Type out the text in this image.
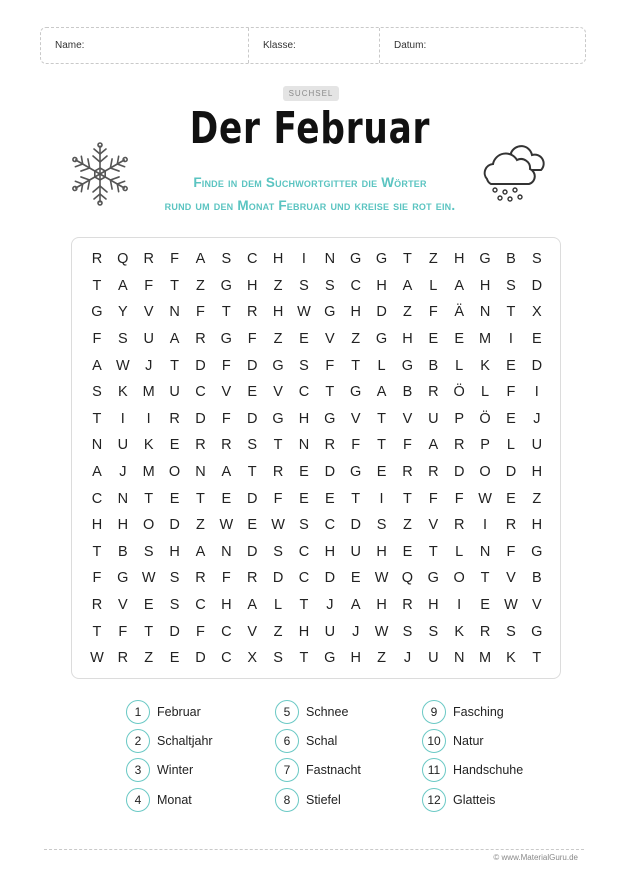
Name:	Klasse:	Datum:
SUCHSEL
Der Februar
Finde in dem Suchwortgitter die Wörter
rund um den Monat Februar und kreise sie rot ein.
R	Q	R	F	A	S	C	H	I	N	G	G	T	Z	H	G	B	S
T	A	F	T	Z	G	H	Z	S	S	C	H	A	L	A	H	S	D
G	Y	V	N	F	T	R	H W G	H	D	Z	F	Ä	N	T	X
F	S	U	A	R	G	F	Z	E	V	Z	G	H	E	E	M	I	E
A W	J	T	D	F	D	G	S	F	T	L	G	B	L	K	E	D
S	K	M	U	C	V	E	V	C	T	G	A	B	R	Ö	L	F	I
T	I	I	R	D	F	D	G	H	G	V	T	V	U	P	Ö	E	J
N	U	K	E	R	R	S	T	N	R	F	T	F	A	R	P	L	U
A	J	M O	N	A	T	R	E	D	G	E	R	R	D	O	D	H
C	N	T	E	T	E	D	F	E	E	T	I	T	F	F	W E	Z
H	H	O	D	Z	W E W S	C	D	S	Z	V	R	I	R	H
T	B	S	H	A	N	D	S	C	H	U	H	E	T	L	N	F	G
F	G W S	R	F	R	D	C	D	E W Q	G	O	T	V	B
R	V	E	S	C	H	A	L	T	J	A	H	R	H	I	E W V
T	F	T	D	F	C	V	Z	H	U	J	W S	S	K	R	S	G
W R	Z	E	D	C	X	S	T	G	H	Z	J	U	N	M	K	T
1	Februar
2	Schaltjahr
3	Winter
4	Monat
5	Schnee
6	Schal
7	Fastnacht
8	Stiefel
9	Fasching
10 Natur
11	Handschuhe
12 Glatteis
© www.MaterialGuru.de
